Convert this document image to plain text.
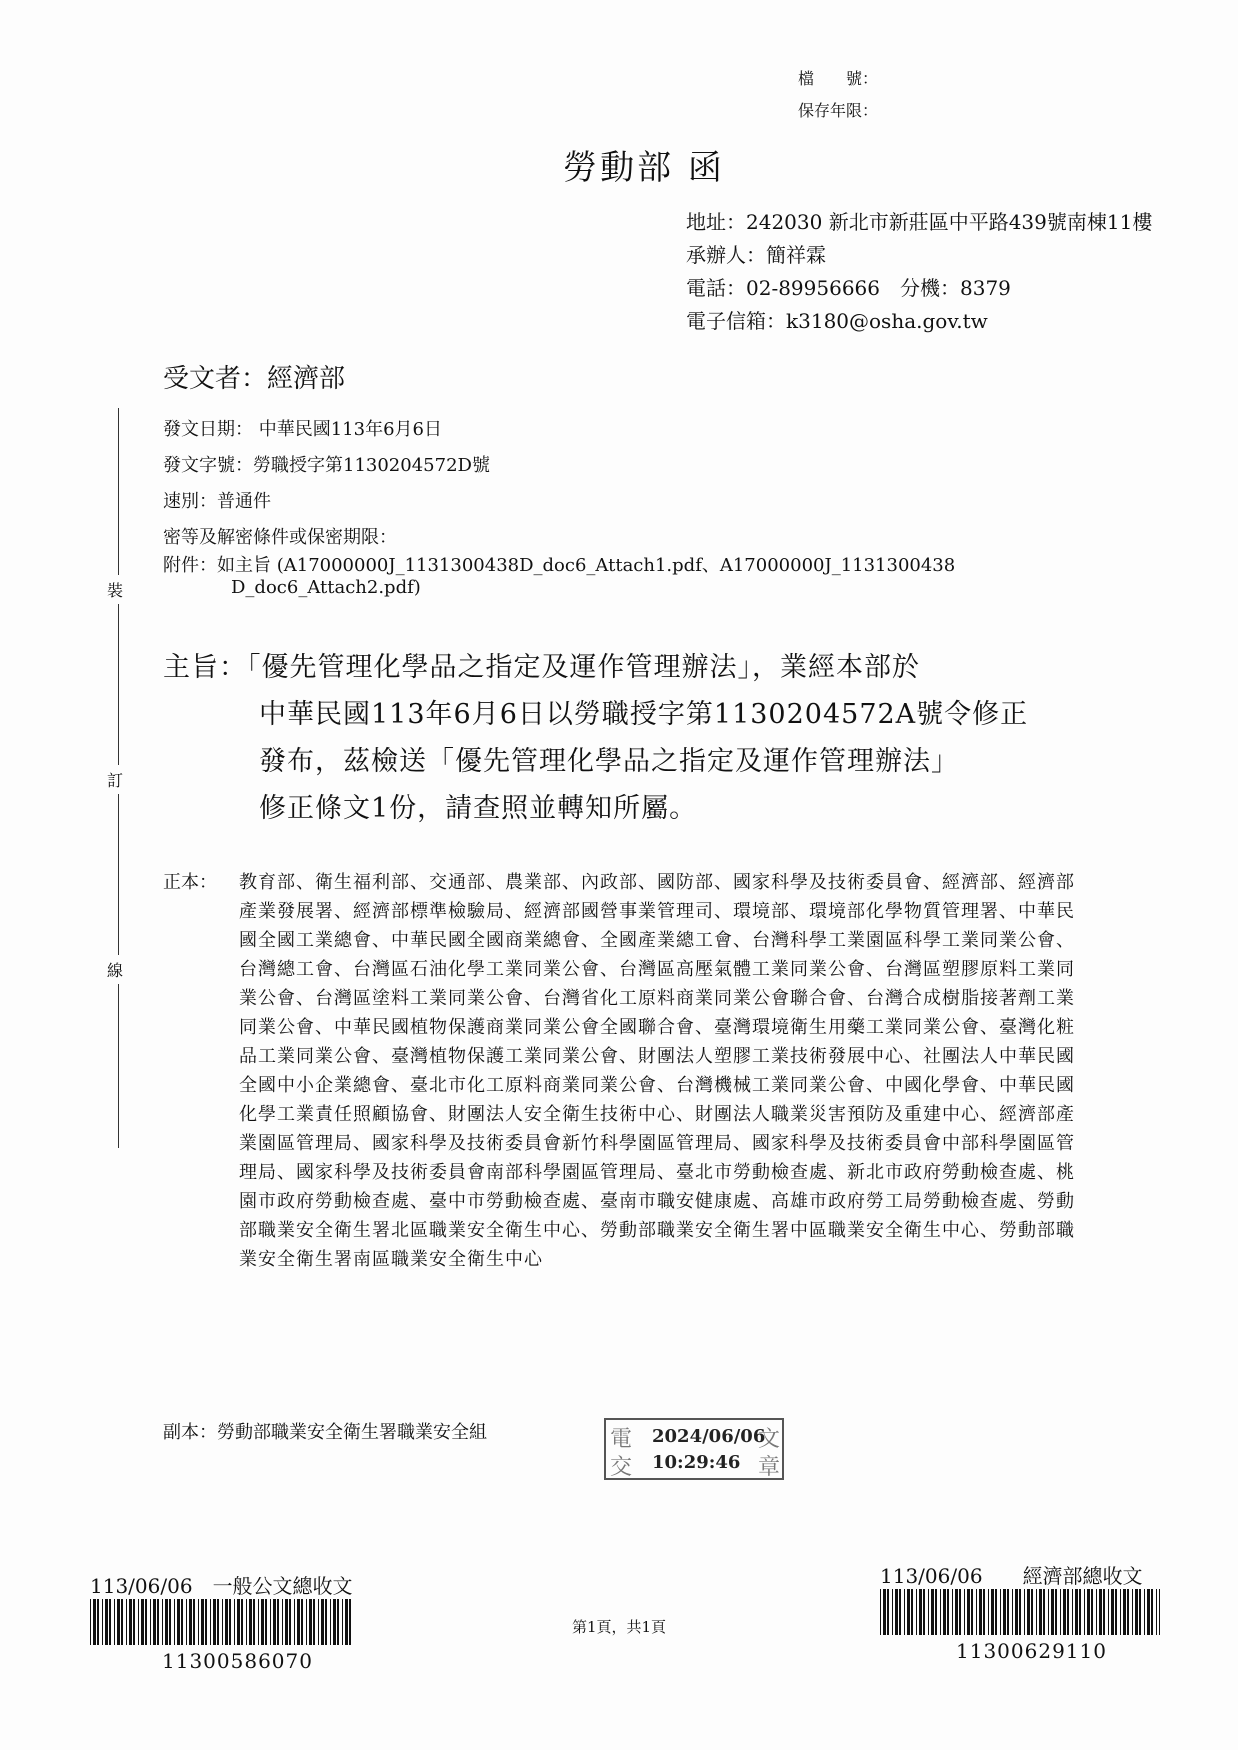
檔　　號：
保存年限：
勞動部 函
地址：242030 新北市新莊區中平路439號南棟11樓
承辦人：簡祥霖
電話：02-89956666　分機：8379
電子信箱：k3180@osha.gov.tw
受文者：經濟部
裝
訂
線
發文日期： 中華民國113年6月6日
發文字號：勞職授字第1130204572D號
速別：普通件
密等及解密條件或保密期限：
附件：如主旨 (A17000000J_1131300438D_doc6_Attach1.pdf、A17000000J_1131300438
D_doc6_Attach2.pdf)
主旨：「優先管理化學品之指定及運作管理辦法」，業經本部於
中華民國113年6月6日以勞職授字第1130204572A號令修正
發布，茲檢送「優先管理化學品之指定及運作管理辦法」
修正條文1份，請查照並轉知所屬。
正本： 教育部、衛生福利部、交通部、農業部、內政部、國防部、國家科學及技術委員會、經濟部、經濟部產業發展署、經濟部標準檢驗局、經濟部國營事業管理司、環境部、環境部化學物質管理署、中華民國全國工業總會、中華民國全國商業總會、全國產業總工會、台灣科學工業園區科學工業同業公會、台灣總工會、台灣區石油化學工業同業公會、台灣區高壓氣體工業同業公會、台灣區塑膠原料工業同業公會、台灣區塗料工業同業公會、台灣省化工原料商業同業公會聯合會、台灣合成樹脂接著劑工業同業公會、中華民國植物保護商業同業公會全國聯合會、臺灣環境衛生用藥工業同業公會、臺灣化粧品工業同業公會、臺灣植物保護工業同業公會、財團法人塑膠工業技術發展中心、社團法人中華民國全國中小企業總會、臺北市化工原料商業同業公會、台灣機械工業同業公會、中國化學會、中華民國化學工業責任照顧協會、財團法人安全衛生技術中心、財團法人職業災害預防及重建中心、經濟部產業園區管理局、國家科學及技術委員會新竹科學園區管理局、國家科學及技術委員會中部科學園區管理局、國家科學及技術委員會南部科學園區管理局、臺北市勞動檢查處、新北市政府勞動檢查處、桃園市政府勞動檢查處、臺中市勞動檢查處、臺南市職安健康處、高雄市政府勞工局勞動檢查處、勞動部職業安全衛生署北區職業安全衛生中心、勞動部職業安全衛生署中區職業安全衛生中心、勞動部職業安全衛生署南區職業安全衛生中心
副本：勞動部職業安全衛生署職業安全組	電
交
文
章
2024/06/06
10:29:46
113/06/06　 一般公文總收文
11300586070
113/06/06　　 經濟部總收文
11300629110
第1頁，共1頁
